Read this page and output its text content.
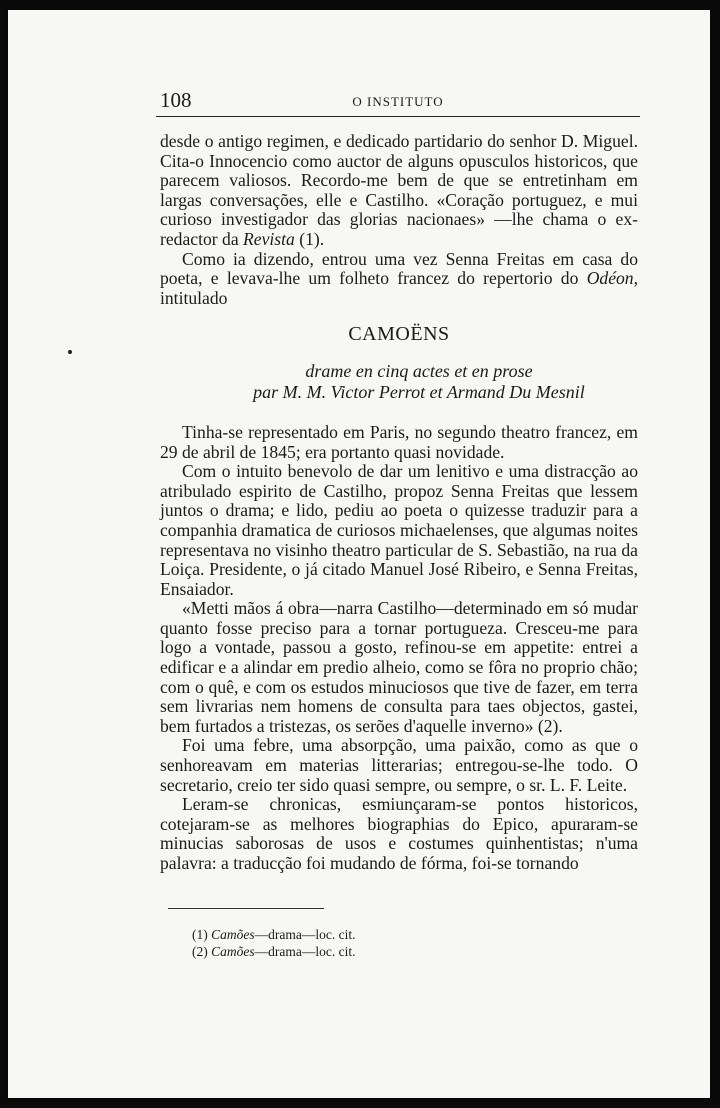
108	O INSTITUTO

desde o antigo regimen, e dedicado partidario do senhor D. Miguel. Cita-o Innocencio como auctor de alguns opusculos historicos, que parecem valiosos. Recordo-me bem de que se entretinham em largas conversações, elle e Castilho. «Coração portuguez, e mui curioso investigador das glorias nacionaes» —lhe chama o ex-redactor da Revista (1).

Como ia dizendo, entrou uma vez Senna Freitas em casa do poeta, e levava-lhe um folheto francez do repertorio do Odéon, intitulado

CAMOËNS
drame en cinq actes et en prose
par M. M. Victor Perrot et Armand Du Mesnil

Tinha-se representado em Paris, no segundo theatro francez, em 29 de abril de 1845; era portanto quasi novidade.

Com o intuito benevolo de dar um lenitivo e uma distracção ao atribulado espirito de Castilho, propoz Senna Freitas que lessem juntos o drama; e lido, pediu ao poeta o quizesse traduzir para a companhia dramatica de curiosos michaelenses, que algumas noites representava no visinho theatro particular de S. Sebastião, na rua da Loiça. Presidente, o já citado Manuel José Ribeiro, e Senna Freitas, Ensaiador.

«Metti mãos á obra—narra Castilho—determinado em só mudar quanto fosse preciso para a tornar portugueza. Cresceu-me para logo a vontade, passou a gosto, refinou-se em appetite: entrei a edificar e a alindar em predio alheio, como se fôra no proprio chão; com o quê, e com os estudos minuciosos que tive de fazer, em terra sem livrarias nem homens de consulta para taes objectos, gastei, bem furtados a tristezas, os serões d'aquelle inverno» (2).

Foi uma febre, uma absorpção, uma paixão, como as que o senhoreavam em materias litterarias; entregou-se-lhe todo. O secretario, creio ter sido quasi sempre, ou sempre, o sr. L. F. Leite.

Leram-se chronicas, esmiunçaram-se pontos historicos, cotejaram-se as melhores biographias do Epico, apuraram-se minucias saborosas de usos e costumes quinhentistas; n'uma palavra: a traducção foi mudando de fórma, foi-se tornando

(1) Camões—drama—loc. cit.
(2) Camões—drama—loc. cit.
